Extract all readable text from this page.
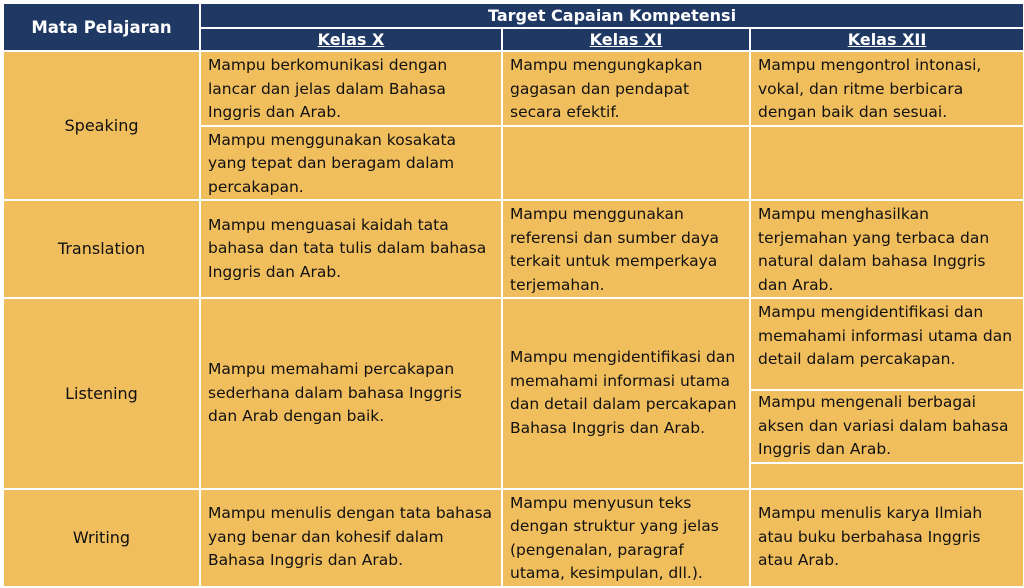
Mata Pelajaran	Target Capaian Kompetensi		
	Kelas X	Kelas XI	Kelas XII
Speaking	Mampu berkomunikasi dengan lancar dan jelas dalam Bahasa Inggris dan Arab.	Mampu mengungkapkan gagasan dan pendapat secara efektif.	Mampu mengontrol intonasi, vokal, dan ritme berbicara dengan baik dan sesuai.
	Mampu menggunakan kosakata yang tepat dan beragam dalam percakapan.		
Translation	Mampu menguasai kaidah tata bahasa dan tata tulis dalam bahasa Inggris dan Arab.	Mampu menggunakan referensi dan sumber daya terkait untuk memperkaya terjemahan.	Mampu menghasilkan terjemahan yang terbaca dan natural dalam bahasa Inggris dan Arab.
Listening	Mampu memahami percakapan sederhana dalam bahasa Inggris dan Arab dengan baik.	Mampu mengidentifikasi dan memahami informasi utama dan detail dalam percakapan Bahasa Inggris dan Arab.	Mampu mengidentifikasi dan memahami informasi utama dan detail dalam percakapan.
			Mampu mengenali berbagai aksen dan variasi dalam bahasa Inggris dan Arab.

Writing	Mampu menulis dengan tata bahasa yang benar dan kohesif dalam Bahasa Inggris dan Arab.	Mampu menyusun teks dengan struktur yang jelas (pengenalan, paragraf utama, kesimpulan, dll.).	Mampu menulis karya Ilmiah atau buku berbahasa Inggris atau Arab.
